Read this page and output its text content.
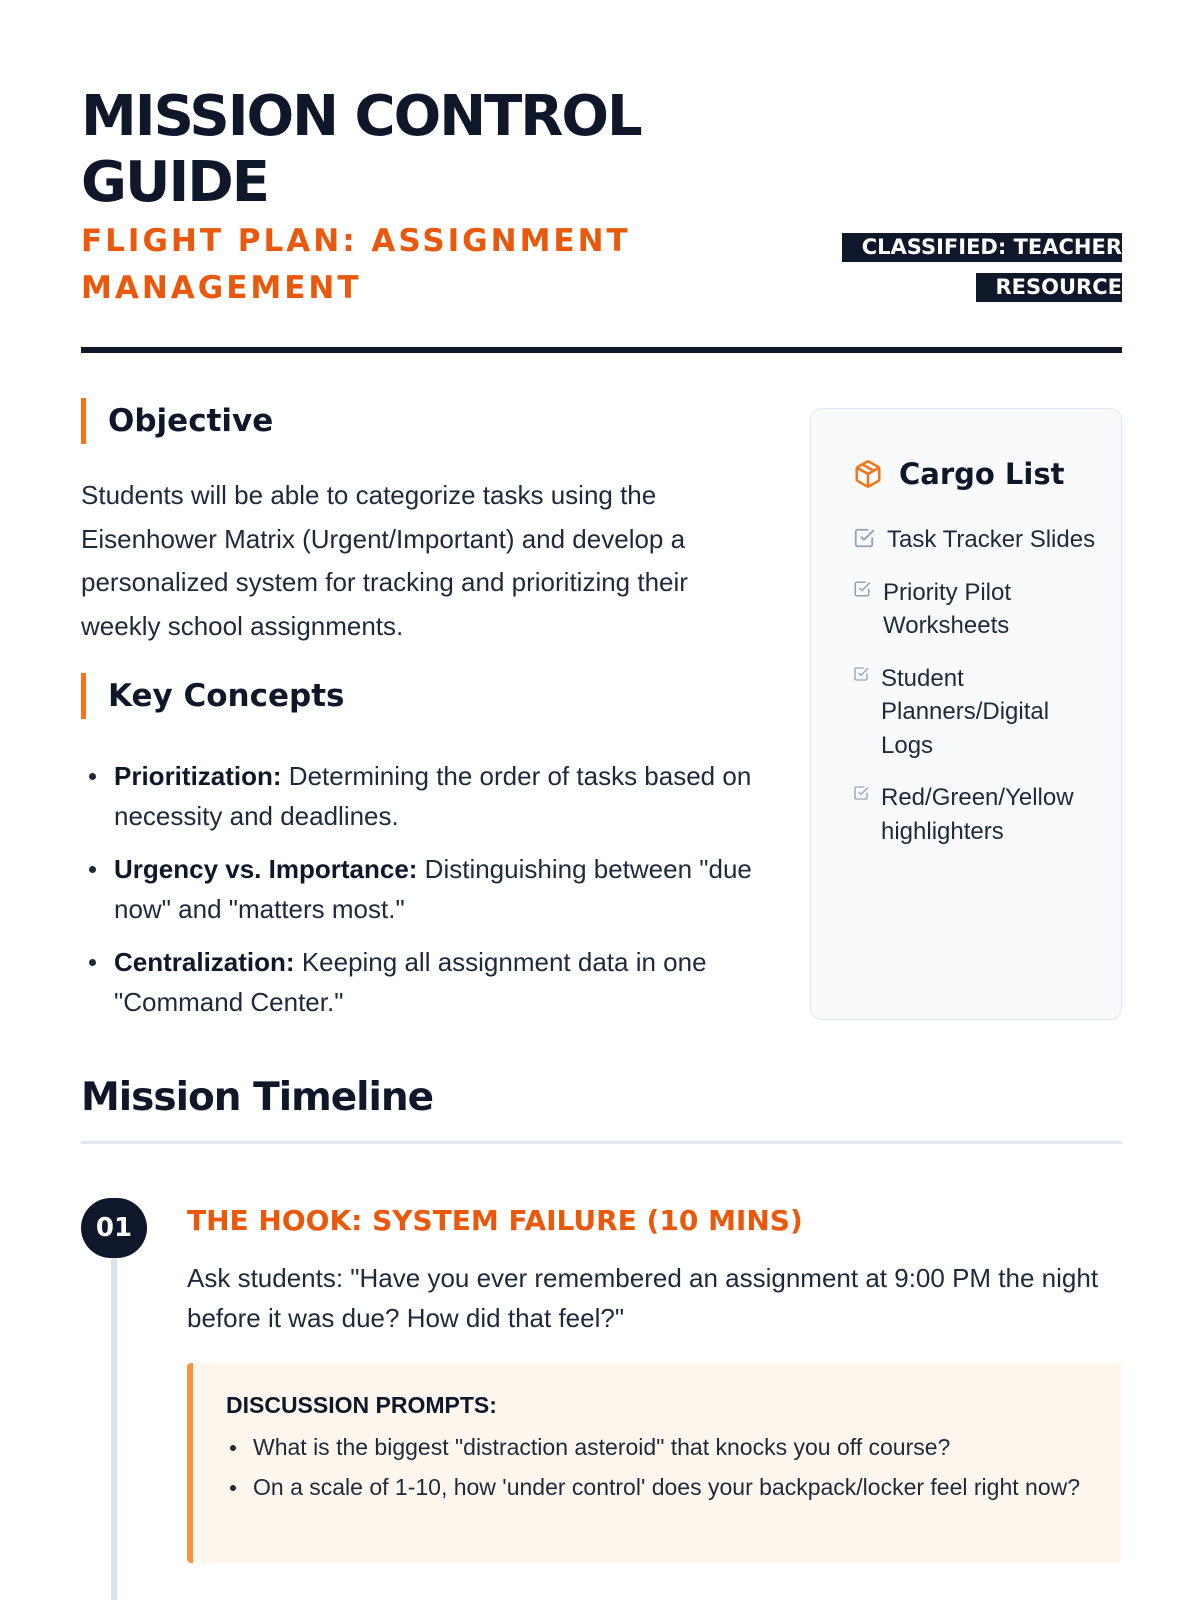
MISSION CONTROL GUIDE
FLIGHT PLAN: ASSIGNMENT MANAGEMENT
CLASSIFIED: TEACHER RESOURCE
Objective

Students will be able to categorize tasks using the Eisenhower Matrix (Urgent/Important) and develop a personalized system for tracking and prioritizing their weekly school assignments.

Key Concepts
Prioritization: Determining the order of tasks based on necessity and deadlines.
Urgency vs. Importance: Distinguishing between "due now" and "matters most."
Centralization: Keeping all assignment data in one "Command Center."
Cargo List
Task Tracker Slides
Priority Pilot Worksheets
Student Planners/Digital Logs
Red/Green/Yellow highlighters
Mission Timeline
01	THE HOOK: SYSTEM FAILURE (10 MINS)

Ask students: "Have you ever remembered an assignment at 9:00 PM the night before it was due? How did that feel?"

DISCUSSION PROMPTS:
What is the biggest "distraction asteroid" that knocks you off course?
On a scale of 1-10, how 'under control' does your backpack/locker feel right now?
